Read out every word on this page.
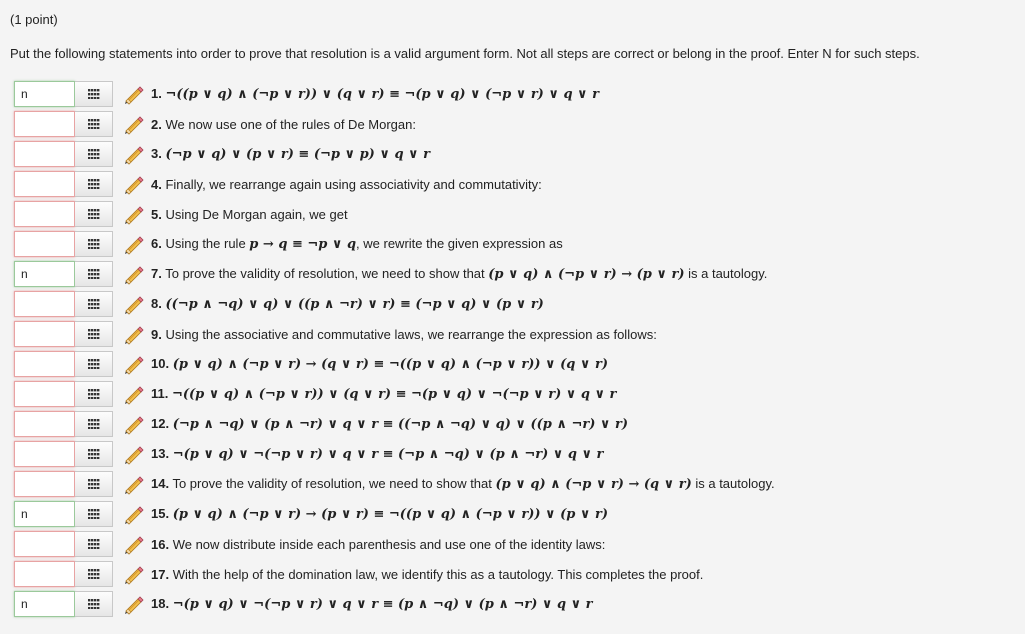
(1 point)
Put the following statements into order to prove that resolution is a valid argument form. Not all steps are correct or belong in the proof. Enter N for such steps.
n
1. ¬((p ∨ q) ∧ (¬p ∨ r)) ∨ (q ∨ r) ≡ ¬(p ∨ q) ∨ (¬p ∨ r) ∨ q ∨ r
2. We now use one of the rules of De Morgan:
3. (¬p ∨ q) ∨ (p ∨ r) ≡ (¬p ∨ p) ∨ q ∨ r
4. Finally, we rearrange again using associativity and commutativity:
5. Using De Morgan again, we get
6. Using the rule p → q ≡ ¬p ∨ q, we rewrite the given expression as
n
7. To prove the validity of resolution, we need to show that (p ∨ q) ∧ (¬p ∨ r) → (p ∨ r) is a tautology.
8. ((¬p ∧ ¬q) ∨ q) ∨ ((p ∧ ¬r) ∨ r) ≡ (¬p ∨ q) ∨ (p ∨ r)
9. Using the associative and commutative laws, we rearrange the expression as follows:
10. (p ∨ q) ∧ (¬p ∨ r) → (q ∨ r) ≡ ¬((p ∨ q) ∧ (¬p ∨ r)) ∨ (q ∨ r)
11. ¬((p ∨ q) ∧ (¬p ∨ r)) ∨ (q ∨ r) ≡ ¬(p ∨ q) ∨ ¬(¬p ∨ r) ∨ q ∨ r
12. (¬p ∧ ¬q) ∨ (p ∧ ¬r) ∨ q ∨ r ≡ ((¬p ∧ ¬q) ∨ q) ∨ ((p ∧ ¬r) ∨ r)
13. ¬(p ∨ q) ∨ ¬(¬p ∨ r) ∨ q ∨ r ≡ (¬p ∧ ¬q) ∨ (p ∧ ¬r) ∨ q ∨ r
14. To prove the validity of resolution, we need to show that (p ∨ q) ∧ (¬p ∨ r) → (q ∨ r) is a tautology.
n
15. (p ∨ q) ∧ (¬p ∨ r) → (p ∨ r) ≡ ¬((p ∨ q) ∧ (¬p ∨ r)) ∨ (p ∨ r)
16. We now distribute inside each parenthesis and use one of the identity laws:
17. With the help of the domination law, we identify this as a tautology. This completes the proof.
n
18. ¬(p ∨ q) ∨ ¬(¬p ∨ r) ∨ q ∨ r ≡ (p ∧ ¬q) ∨ (p ∧ ¬r) ∨ q ∨ r
